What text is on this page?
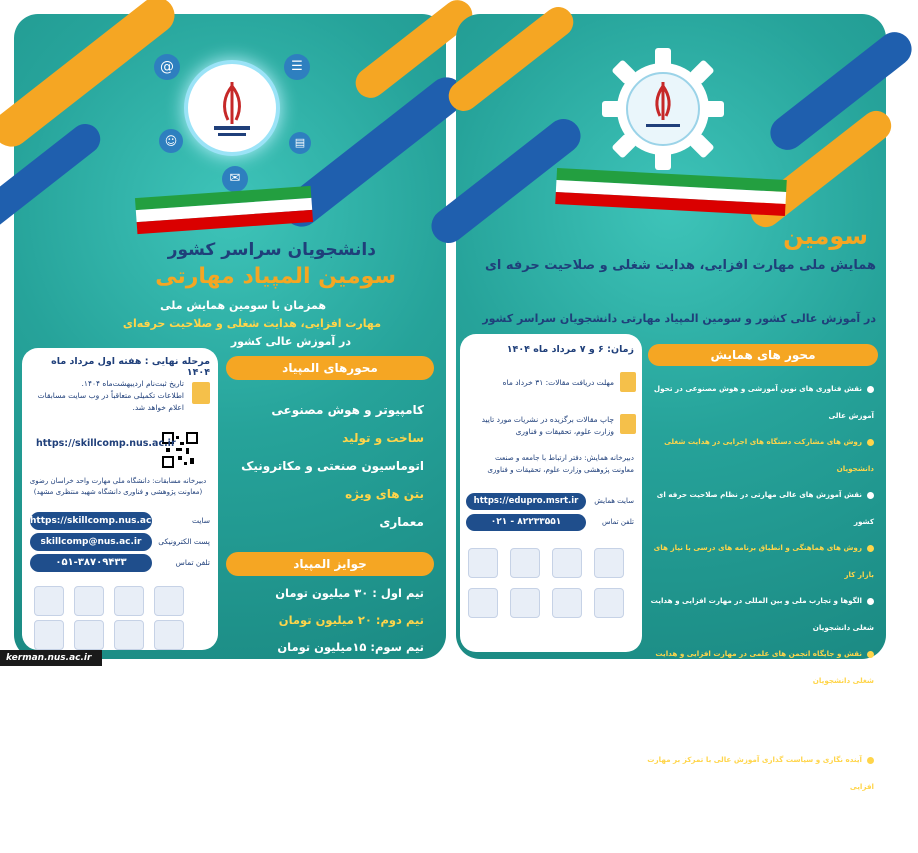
@	☰
☺
✉
▤
دانشجویان سراسر کشور
سومین المپیاد مهارتی
همزمان با سومین همایش ملی
مهارت افزایی، هدایت شغلی و صلاحیت حرفه‌ای
در آموزش عالی کشور
مرحله نهایی : هفته اول مرداد ماه ۱۴۰۴
تاریخ ثبت‌نام اردیبهشت‌ماه ۱۴۰۴.
اطلاعات تکمیلی متعاقباً در وب سایت مسابقات
اعلام خواهد شد.
https://skillcomp.nus.ac.ir
دبیرخانه مسابقات: دانشگاه ملی مهارت واحد خراسان رضوی
(معاونت پژوهشی و فناوری دانشگاه شهید منتظری مشهد)
سایت
https://skillcomp.nus.ac.ir
پست الکترونیکی
skillcomp@nus.ac.ir
تلفن تماس
۰۵۱-۳۸۷۰۹۴۳۳
محورهای المپیاد
کامپیوتر و هوش مصنوعی
ساخت و تولید
اتوماسیون صنعتی و مکاترونیک
بتن های ویژه
معماری
جوایز المپیاد
تیم اول : ۳۰ میلیون تومان
تیم دوم: ۲۰ میلیون تومان
تیم سوم: ۱۵میلیون تومان
سومین
همایش ملی مهارت افزایی، هدایت شغلی و صلاحیت حرفه ای
در آموزش عالی کشور و سومین المپیاد مهارتی دانشجویان سراسر کشور
محور های همایش
نقش فناوری های نوین آموزشی و هوش مصنوعی در تحول آموزش عالی
روش های مشارکت دستگاه های اجرایی در هدایت شغلی دانشجویان
نقش آموزش های عالی مهارتی در نظام صلاحیت حرفه ای کشور
روش های هماهنگی و انطباق برنامه های درسی با نیاز های بازار کار
الگوها و تجارب ملی و بین المللی در مهارت افزایی و هدایت شغلی دانشجویان
نقش و جایگاه انجمن های علمی در مهارت افزایی و هدایت شغلی دانشجویان
روش ها و راهکارهای استقرار نظام صلاحیت حرفه ای در نظام آموزش عالی
آینده نگاری و سیاست گذاری آموزش عالی با تمرکز بر مهارت افزایی
فناوری های نوآینده،مشاغل آینده و مهارت های ضروری دانش آموختگان
زمان: ۶ و ۷ مرداد ماه ۱۴۰۴
مهلت دریافت مقالات: ۳۱ خرداد ماه
چاپ مقالات برگزیده در نشریات مورد تایید
وزارت علوم، تحقیقات و فناوری
دبیرخانه همایش: دفتر ارتباط با جامعه و صنعت
معاونت پژوهشی وزارت علوم، تحقیقات و فناوری
سایت همایش
https://edupro.msrt.ir
تلفن تماس
۰۲۱ - ۸۲۲۳۳۵۵۱
kerman.nus.ac.ir
